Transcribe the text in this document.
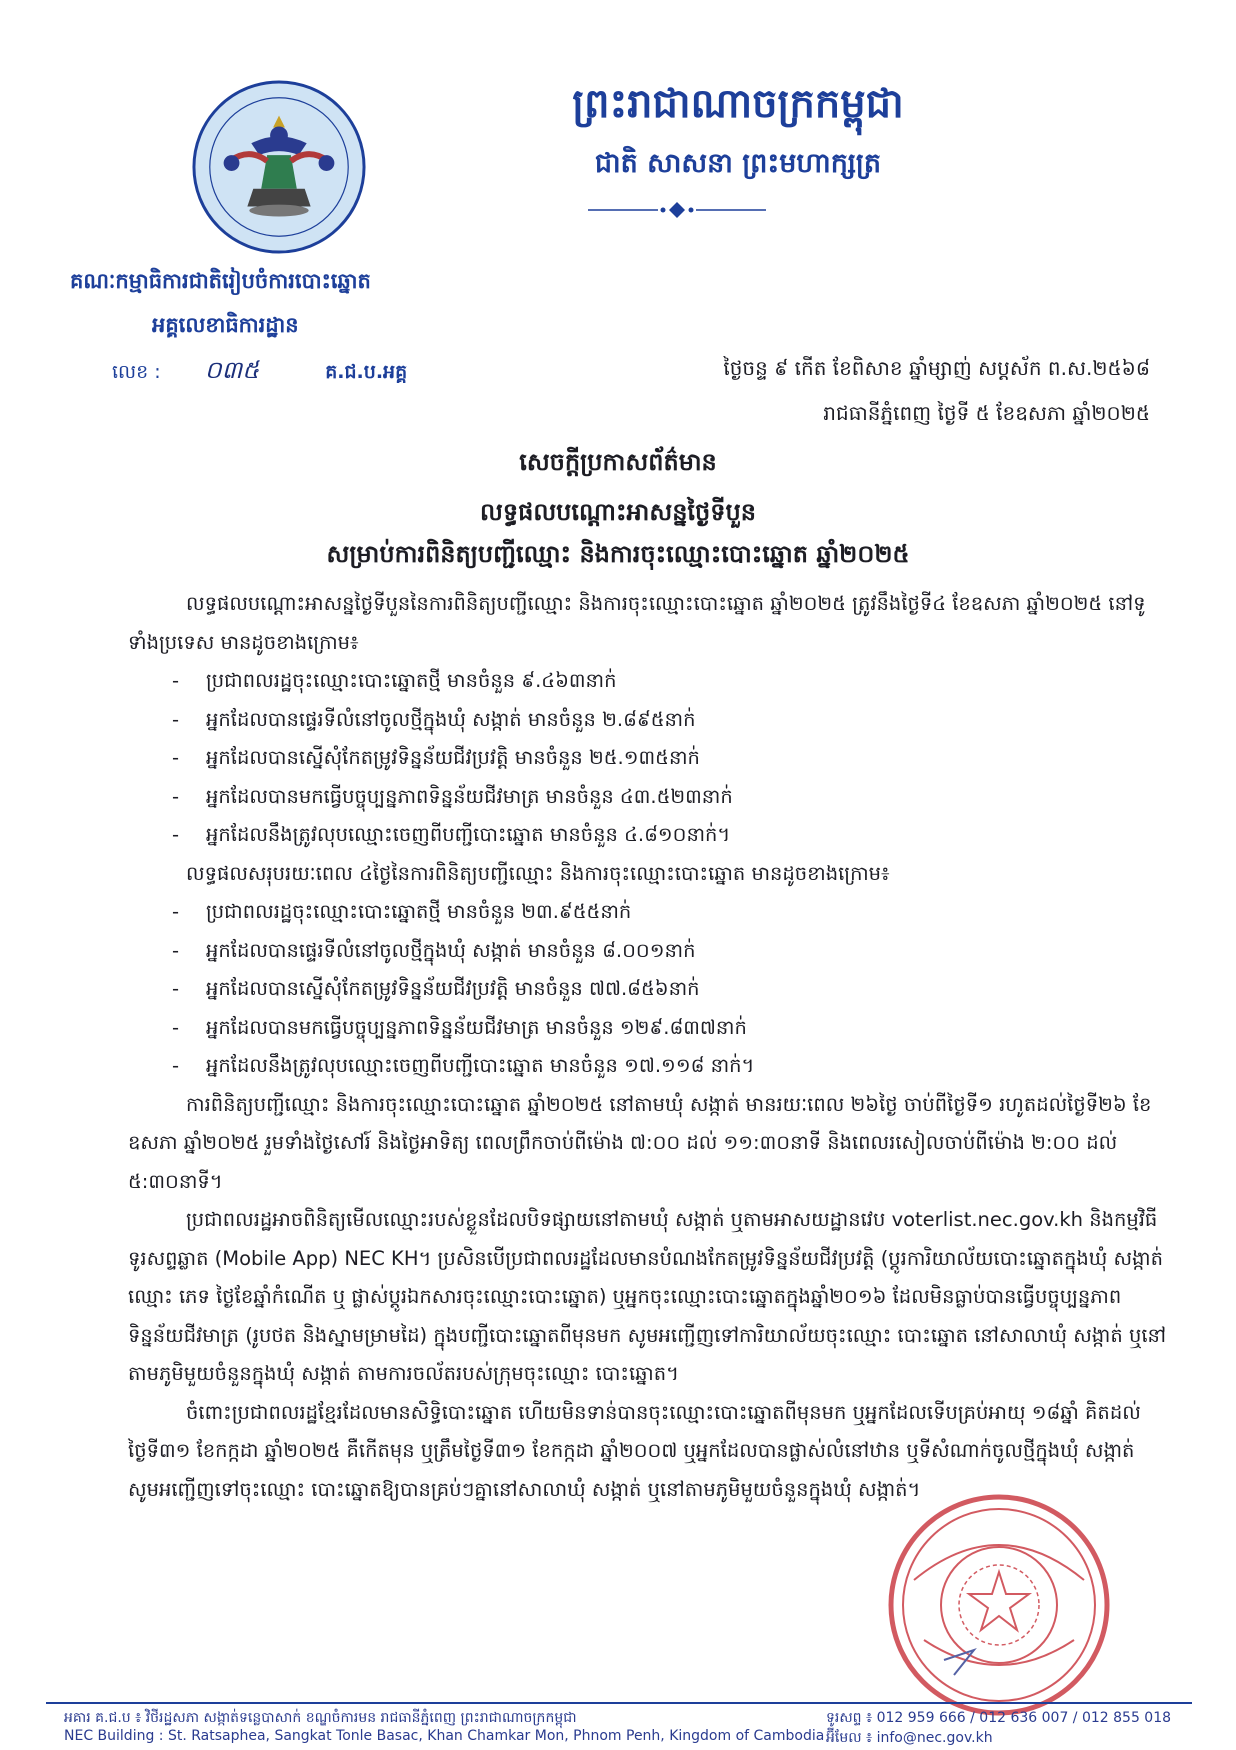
គណៈកម្មាធិការជាតិរៀបចំការបោះឆ្នោត
អគ្គលេខាធិការដ្ឋាន
លេខ : ០៣៥	គ.ជ.ប.អគ្គ
ព្រះរាជាណាចក្រកម្ពុជា
ជាតិ សាសនា ព្រះមហាក្សត្រ
ថ្ងៃចន្ទ ៩ កើត ខែពិសាខ ឆ្នាំម្សាញ់ សប្តស័ក ព.ស.២៥៦៨
រាជធានីភ្នំពេញ ថ្ងៃទី ៥ ខែឧសភា ឆ្នាំ២០២៥
សេចក្ដីប្រកាសព័ត៌មាន
លទ្ធផលបណ្ដោះអាសន្នថ្ងៃទីបួន
សម្រាប់ការពិនិត្យបញ្ជីឈ្មោះ និងការចុះឈ្មោះបោះឆ្នោត ឆ្នាំ២០២៥

លទ្ធផលបណ្ដោះអាសន្នថ្ងៃទីបួននៃការពិនិត្យបញ្ជីឈ្មោះ និងការចុះឈ្មោះបោះឆ្នោត ឆ្នាំ២០២៥ ត្រូវនឹងថ្ងៃទី៤ ខែឧសភា ឆ្នាំ២០២៥ នៅទូទាំងប្រទេស មានដូចខាងក្រោម៖

- ប្រជាពលរដ្ឋចុះឈ្មោះបោះឆ្នោតថ្មី មានចំនួន ៩.៤៦៣នាក់
- អ្នកដែលបានផ្ទេរទីលំនៅចូលថ្មីក្នុងឃុំ សង្កាត់ មានចំនួន ២.៨៩៥នាក់
- អ្នកដែលបានស្នើសុំកែតម្រូវទិន្នន័យជីវប្រវត្តិ មានចំនួន ២៥.១៣៥នាក់
- អ្នកដែលបានមកធ្វើបច្ចុប្បន្នភាពទិន្នន័យជីវមាត្រ មានចំនួន ៤៣.៥២៣នាក់
- អ្នកដែលនឹងត្រូវលុបឈ្មោះចេញពីបញ្ជីបោះឆ្នោត មានចំនួន ៤.៨១០នាក់។

លទ្ធផលសរុបរយៈពេល ៤ថ្ងៃនៃការពិនិត្យបញ្ជីឈ្មោះ និងការចុះឈ្មោះបោះឆ្នោត មានដូចខាងក្រោម៖

- ប្រជាពលរដ្ឋចុះឈ្មោះបោះឆ្នោតថ្មី មានចំនួន ២៣.៩៥៥នាក់
- អ្នកដែលបានផ្ទេរទីលំនៅចូលថ្មីក្នុងឃុំ សង្កាត់ មានចំនួន ៨.០០១នាក់
- អ្នកដែលបានស្នើសុំកែតម្រូវទិន្នន័យជីវប្រវត្តិ មានចំនួន ៧៧.៨៥៦នាក់
- អ្នកដែលបានមកធ្វើបច្ចុប្បន្នភាពទិន្នន័យជីវមាត្រ មានចំនួន ១២៩.៨៣៧នាក់
- អ្នកដែលនឹងត្រូវលុបឈ្មោះចេញពីបញ្ជីបោះឆ្នោត មានចំនួន ១៧.១១៨ នាក់។

ការពិនិត្យបញ្ជីឈ្មោះ និងការចុះឈ្មោះបោះឆ្នោត ឆ្នាំ២០២៥ នៅតាមឃុំ សង្កាត់ មានរយៈពេល ២៦ថ្ងៃ ចាប់ពីថ្ងៃទី១ រហូតដល់ថ្ងៃទី២៦ ខែឧសភា ឆ្នាំ២០២៥ រួមទាំងថ្ងៃសៅរ៍ និងថ្ងៃអាទិត្យ ពេលព្រឹកចាប់ពីម៉ោង ៧:០០ ដល់ ១១:៣០នាទី និងពេលរសៀលចាប់ពីម៉ោង ២:០០ ដល់ ៥:៣០នាទី។

ប្រជាពលរដ្ឋអាចពិនិត្យមើលឈ្មោះរបស់ខ្លួនដែលបិទផ្សាយនៅតាមឃុំ សង្កាត់ ឬតាមអាសយដ្ឋានវេប voterlist.nec.gov.kh និងកម្មវិធីទូរសព្ទឆ្លាត (Mobile App) NEC KH។ ប្រសិនបើប្រជាពលរដ្ឋដែលមានបំណងកែតម្រូវទិន្នន័យជីវប្រវត្តិ (ប្ដូរការិយាល័យបោះឆ្នោតក្នុងឃុំ សង្កាត់ ឈ្មោះ ភេទ ថ្ងៃខែឆ្នាំកំណើត ឬ ផ្លាស់ប្ដូរឯកសារចុះឈ្មោះបោះឆ្នោត) ឬអ្នកចុះឈ្មោះបោះឆ្នោតក្នុងឆ្នាំ២០១៦ ដែលមិនធ្លាប់បានធ្វើបច្ចុប្បន្នភាព ទិន្នន័យជីវមាត្រ (រូបថត និងស្នាមម្រាមដៃ) ក្នុងបញ្ជីបោះឆ្នោតពីមុនមក សូមអញ្ជើញទៅការិយាល័យចុះឈ្មោះ បោះឆ្នោត នៅសាលាឃុំ សង្កាត់ ឬនៅតាមភូមិមួយចំនួនក្នុងឃុំ សង្កាត់ តាមការចល័តរបស់ក្រុមចុះឈ្មោះ បោះឆ្នោត។

ចំពោះប្រជាពលរដ្ឋខ្មែរដែលមានសិទ្ធិបោះឆ្នោត ហើយមិនទាន់បានចុះឈ្មោះបោះឆ្នោតពីមុនមក ឬអ្នកដែលទើបគ្រប់អាយុ ១៨ឆ្នាំ គិតដល់ថ្ងៃទី៣១ ខែកក្កដា ឆ្នាំ២០២៥ គឺកើតមុន ឬត្រឹមថ្ងៃទី៣១ ខែកក្កដា ឆ្នាំ២០០៧ ឬអ្នកដែលបានផ្លាស់លំនៅឋាន ឬទីសំណាក់ចូលថ្មីក្នុងឃុំ សង្កាត់ សូមអញ្ជើញទៅចុះឈ្មោះ បោះឆ្នោតឱ្យបានគ្រប់ៗគ្នានៅសាលាឃុំ សង្កាត់ ឬនៅតាមភូមិមួយចំនួនក្នុងឃុំ សង្កាត់។

អគារ គ.ជ.ប ៖ វិថីរដ្ឋសភា សង្កាត់ទន្លេបាសាក់ ខណ្ឌចំការមន រាជធានីភ្នំពេញ ព្រះរាជាណាចក្រកម្ពុជា	ទូរសព្ទ ៖ 012 959 666 / 012 636 007 / 012 855 018
NEC Building : St. Ratsaphea, Sangkat Tonle Basac, Khan Chamkar Mon, Phnom Penh, Kingdom of Cambodia អ៊ីមែល ៖ info@nec.gov.kh
